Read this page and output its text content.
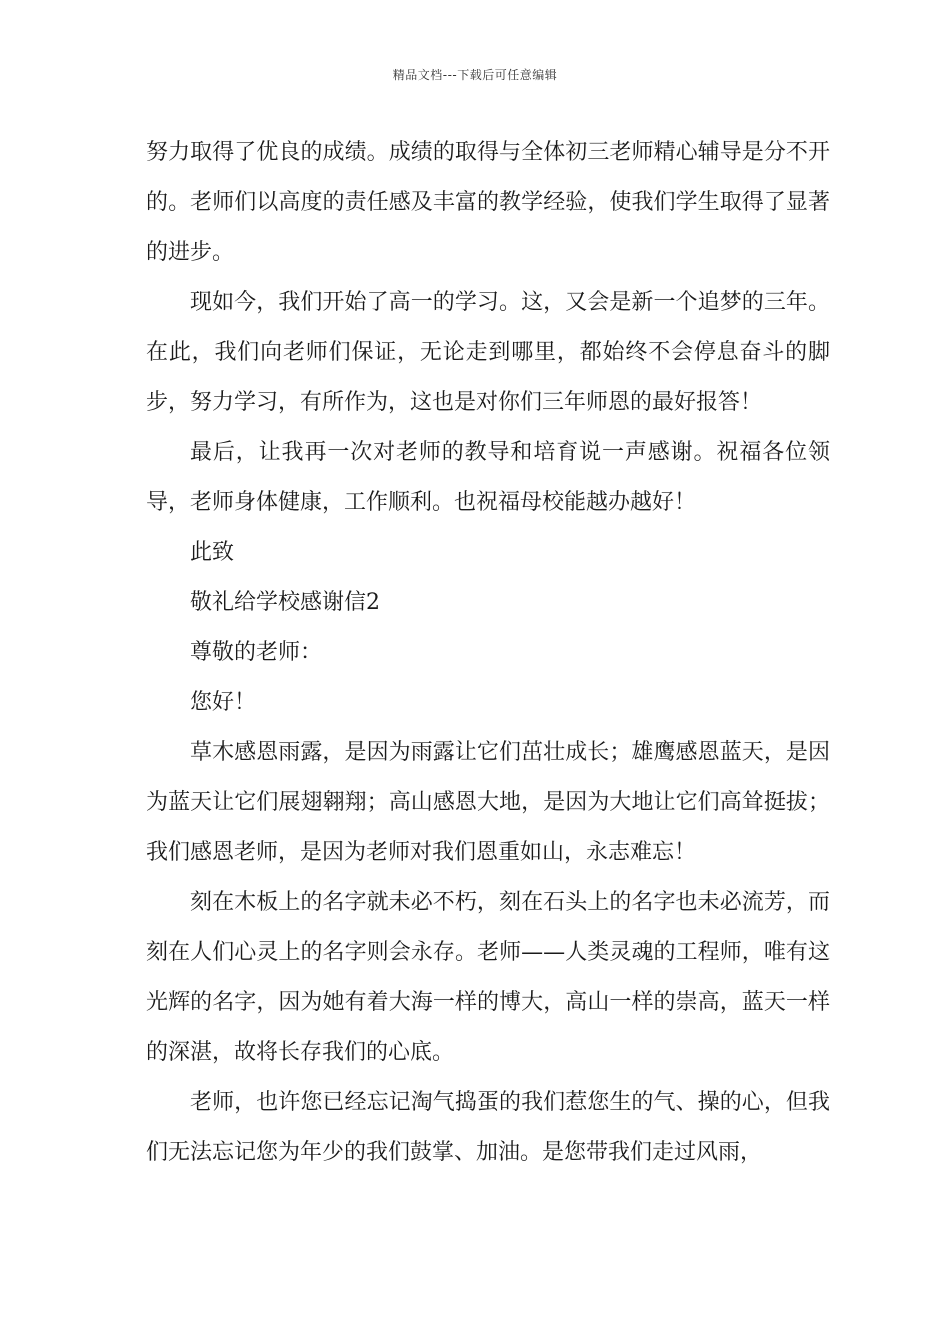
精品文档---下载后可任意编辑

努力取得了优良的成绩。成绩的取得与全体初三老师精心辅导是分不开的。老师们以高度的责任感及丰富的教学经验，使我们学生取得了显著的进步。

现如今，我们开始了高一的学习。这，又会是新一个追梦的三年。在此，我们向老师们保证，无论走到哪里，都始终不会停息奋斗的脚步，努力学习，有所作为，这也是对你们三年师恩的最好报答！

最后，让我再一次对老师的教导和培育说一声感谢。祝福各位领导，老师身体健康，工作顺利。也祝福母校能越办越好！

此致

敬礼给学校感谢信2

尊敬的老师：

您好！

草木感恩雨露，是因为雨露让它们茁壮成长；雄鹰感恩蓝天，是因为蓝天让它们展翅翱翔；高山感恩大地，是因为大地让它们高耸挺拔；我们感恩老师，是因为老师对我们恩重如山，永志难忘！

刻在木板上的名字就未必不朽，刻在石头上的名字也未必流芳，而刻在人们心灵上的名字则会永存。老师——人类灵魂的工程师，唯有这光辉的名字，因为她有着大海一样的博大，高山一样的崇高，蓝天一样的深湛，故将长存我们的心底。

老师，也许您已经忘记淘气捣蛋的我们惹您生的气、操的心，但我们无法忘记您为年少的我们鼓掌、加油。是您带我们走过风雨，
